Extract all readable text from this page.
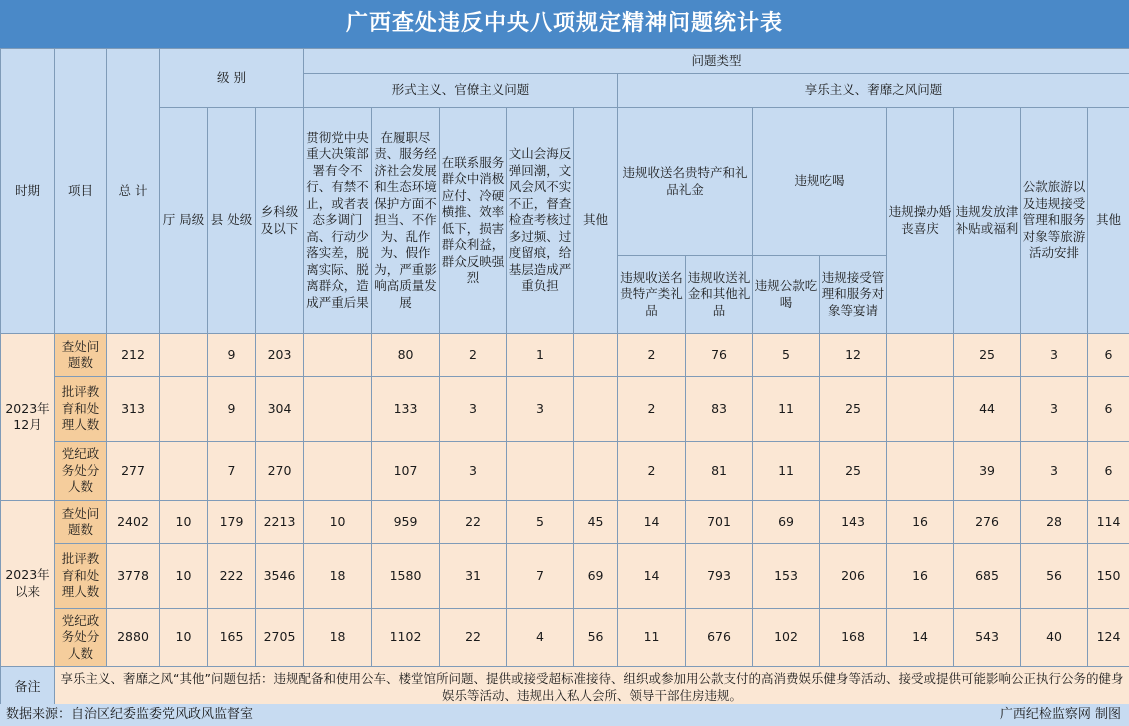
广西查处违反中央八项规定精神问题统计表
时期	项目	总 计	级 别			问题类型												
						形式主义、官僚主义问题					享乐主义、奢靡之风问题							
			厅 局级	县 处级	乡科级及以下	贯彻党中央重大决策部署有令不行、有禁不止，或者表态多调门高、行动少落实差，脱离实际、脱离群众，造成严重后果	在履职尽责、服务经济社会发展和生态环境保护方面不担当、不作为、乱作为、假作为，严重影响高质量发展	在联系服务群众中消极应付、冷硬横推、效率低下，损害群众利益，群众反映强烈	文山会海反弹回潮，文风会风不实不正，督查检查考核过多过频、过度留痕，给基层造成严重负担	其他	违规收送名贵特产和礼品礼金		违规吃喝		违规操办婚丧喜庆	违规发放津补贴或福利	公款旅游以及违规接受管理和服务对象等旅游活动安排	其他
											违规收送名贵特产类礼品	违规收送礼金和其他礼品	违规公款吃喝	违规接受管理和服务对象等宴请				
2023年12月	查处问题数	212		9	203		80	2	1		2	76	5	12		25	3	6
	批评教育和处理人数	313		9	304		133	3	3		2	83	11	25		44	3	6
	党纪政务处分人数	277		7	270		107	3			2	81	11	25		39	3	6
2023年以来	查处问题数	2402	10	179	2213	10	959	22	5	45	14	701	69	143	16	276	28	114
	批评教育和处理人数	3778	10	222	3546	18	1580	31	7	69	14	793	153	206	16	685	56	150
	党纪政务处分人数	2880	10	165	2705	18	1102	22	4	56	11	676	102	168	14	543	40	124
备注	享乐主义、奢靡之风“其他”问题包括：违规配备和使用公车、楼堂馆所问题、提供或接受超标准接待、组织或参加用公款支付的高消费娱乐健身等活动、接受或提供可能影响公正执行公务的健身娱乐等活动、违规出入私人会所、领导干部住房违规。																	
数据来源：自治区纪委监委党风政风监督室	广西纪检监察网 制图
